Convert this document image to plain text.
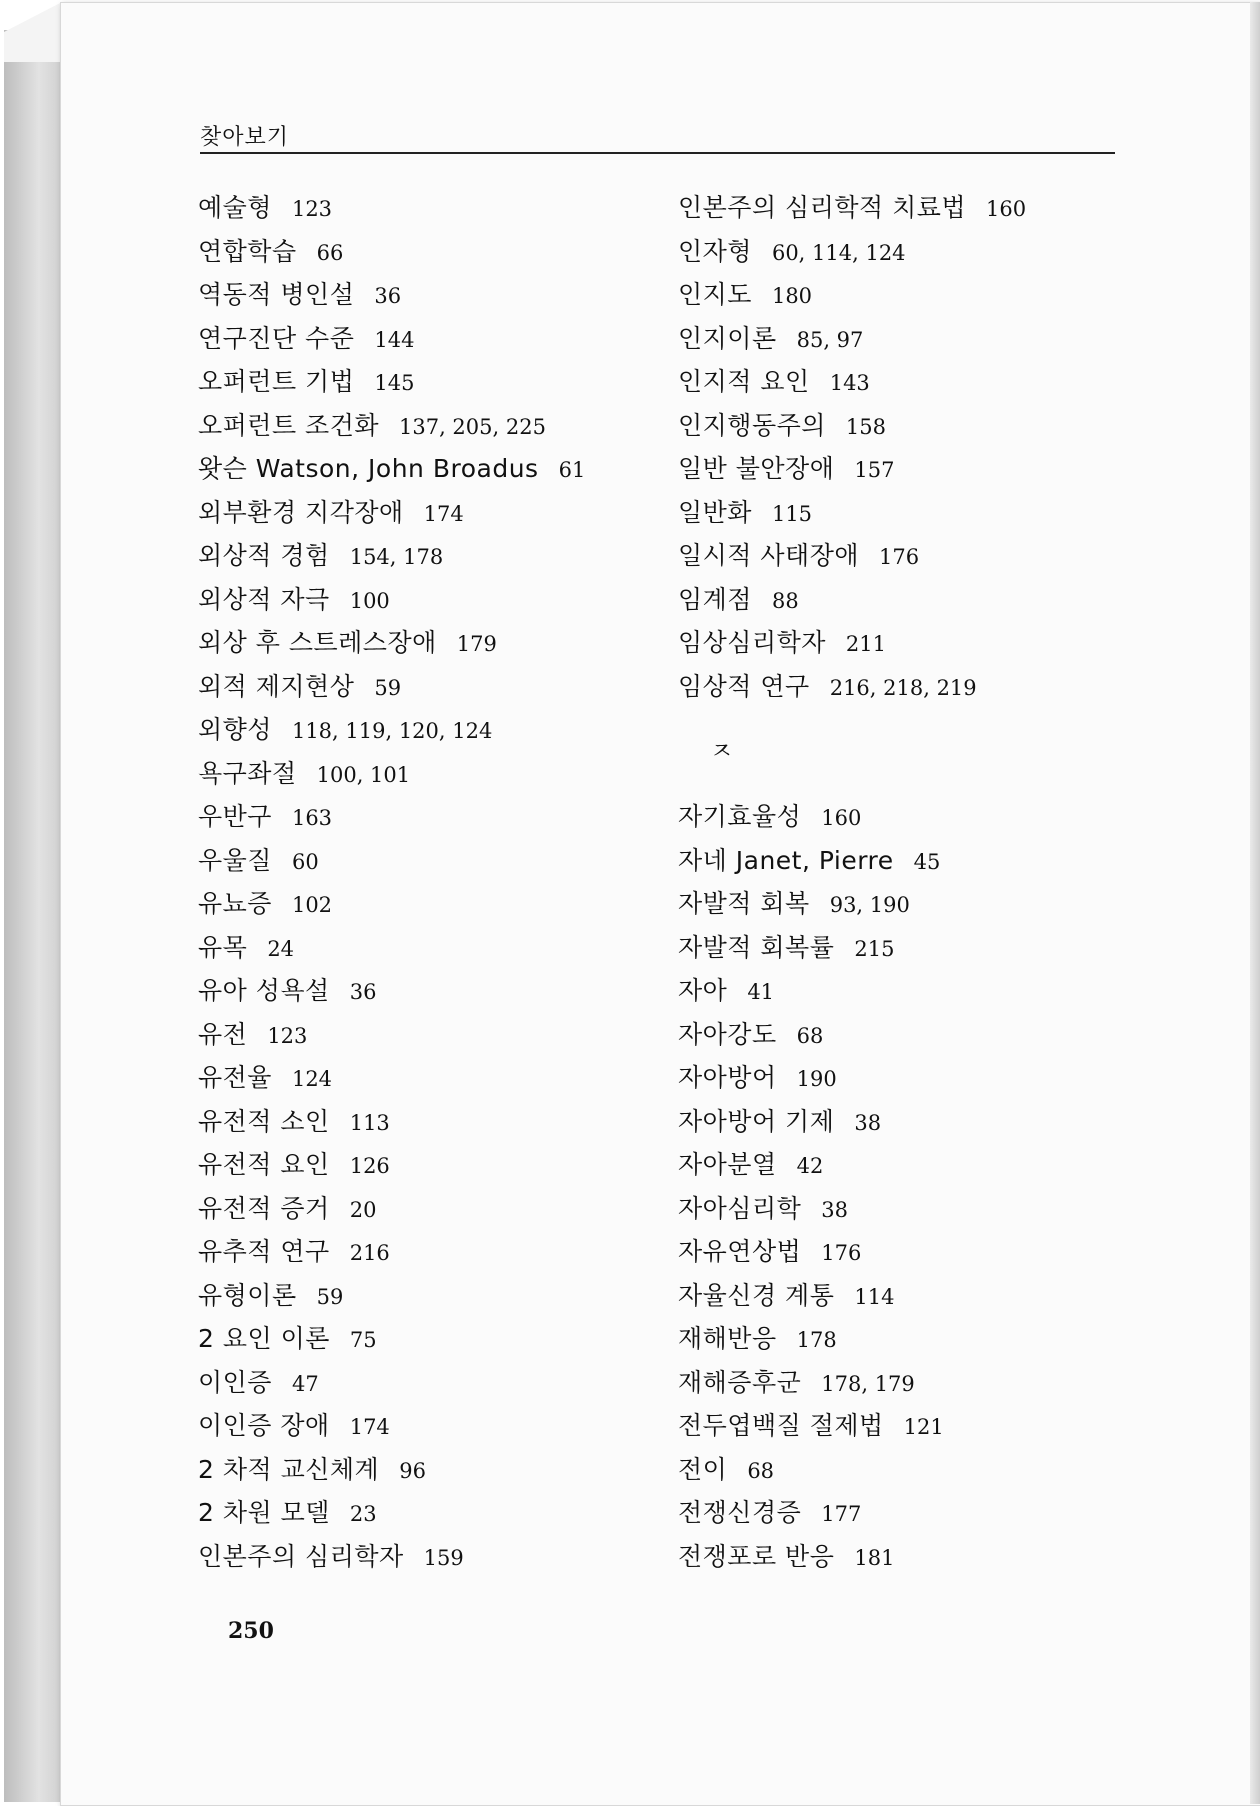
찾아보기
예술형 123
연합학습 66
역동적 병인설 36
연구진단 수준 144
오퍼런트 기법 145
오퍼런트 조건화 137, 205, 225
왓슨 Watson, John Broadus 61
외부환경 지각장애 174
외상적 경험 154, 178
외상적 자극 100
외상 후 스트레스장애 179
외적 제지현상 59
외향성 118, 119, 120, 124
욕구좌절 100, 101
우반구 163
우울질 60
유뇨증 102
유목 24
유아 성욕설 36
유전 123
유전율 124
유전적 소인 113
유전적 요인 126
유전적 증거 20
유추적 연구 216
유형이론 59
2 요인 이론 75
이인증 47
이인증 장애 174
2 차적 교신체계 96
2 차원 모델 23
인본주의 심리학자 159
인본주의 심리학적 치료법 160
인자형 60, 114, 124
인지도 180
인지이론 85, 97
인지적 요인 143
인지행동주의 158
일반 불안장애 157
일반화 115
일시적 사태장애 176
임계점 88
임상심리학자 211
임상적 연구 216, 218, 219
ㅈ
자기효율성 160
자네 Janet, Pierre 45
자발적 회복 93, 190
자발적 회복률 215
자아 41
자아강도 68
자아방어 190
자아방어 기제 38
자아분열 42
자아심리학 38
자유연상법 176
자율신경 계통 114
재해반응 178
재해증후군 178, 179
전두엽백질 절제법 121
전이 68
전쟁신경증 177
전쟁포로 반응 181
250
